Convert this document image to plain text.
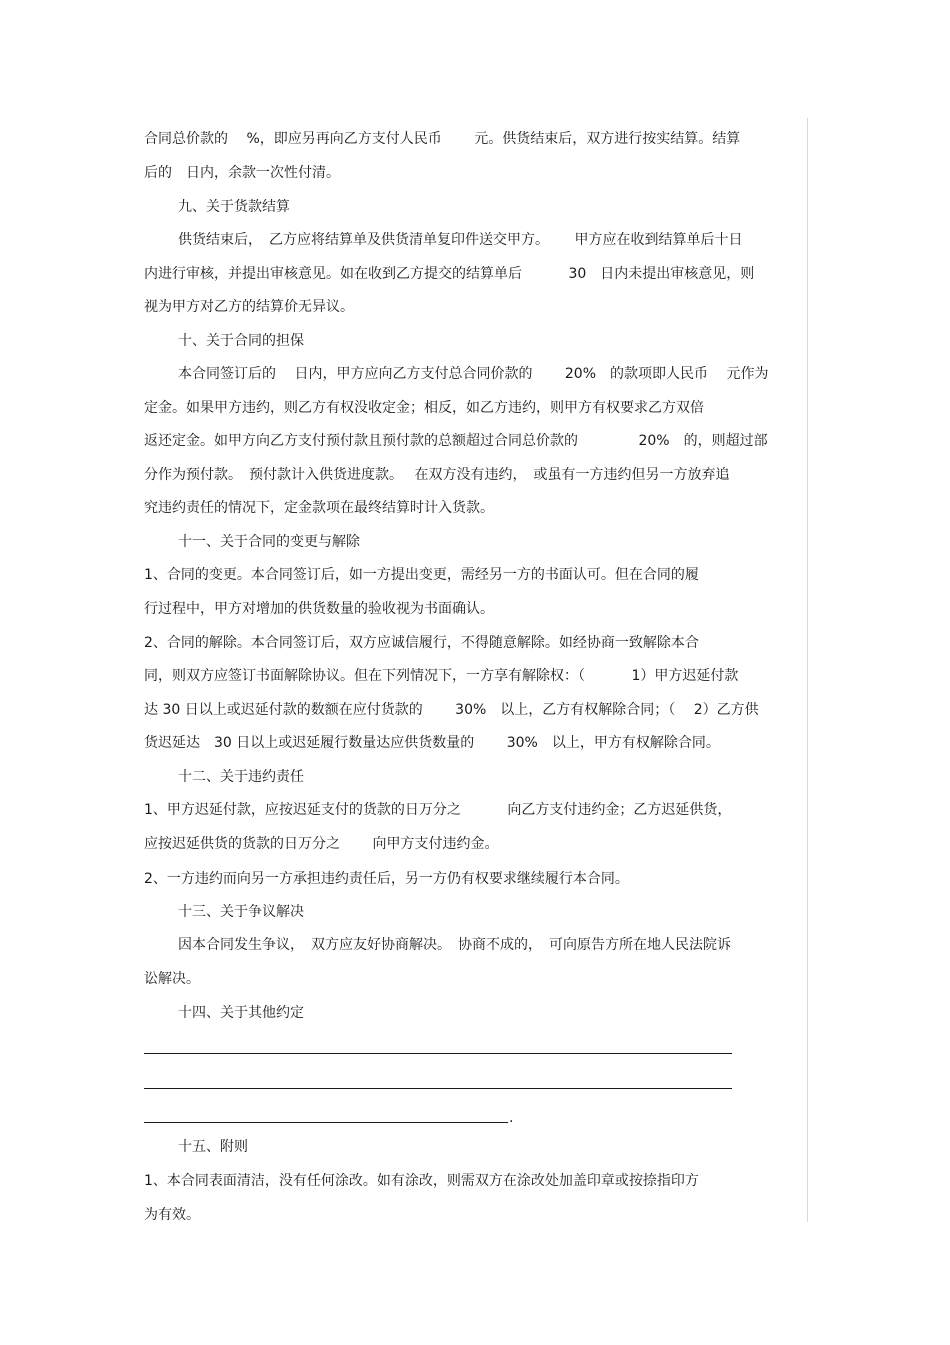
合同总价款的　 %，即应另再向乙方支付人民币　　 元。供货结束后，双方进行按实结算。结算
后的　日内，余款一次性付清。
九、关于货款结算
供货结束后，　乙方应将结算单及供货清单复印件送交甲方。　　 甲方应在收到结算单后十日
内进行审核，并提出审核意见。如在收到乙方提交的结算单后　　　 30　日内未提出审核意见，则
视为甲方对乙方的结算价无异议。
十、关于合同的担保
本合同签订后的　 日内，甲方应向乙方支付总合同价款的　　 20%　的款项即人民币　 元作为
定金。如果甲方违约，则乙方有权没收定金；相反，如乙方违约，则甲方有权要求乙方双倍
返还定金。如甲方向乙方支付预付款且预付款的总额超过合同总价款的　　　　 20%　的，则超过部
分作为预付款。　预付款计入供货进度款。　 在双方没有违约，　或虽有一方违约但另一方放弃追
究违约责任的情况下，定金款项在最终结算时计入货款。
十一、关于合同的变更与解除
1、合同的变更。本合同签订后，如一方提出变更，需经另一方的书面认可。但在合同的履
行过程中，甲方对增加的供货数量的验收视为书面确认。
2、合同的解除。本合同签订后，双方应诚信履行，不得随意解除。如经协商一致解除本合
同，则双方应签订书面解除协议。但在下列情况下，一方享有解除权：（　　　 1）甲方迟延付款
达 30 日以上或迟延付款的数额在应付货款的　　 30%　以上，乙方有权解除合同；（　 2）乙方供
货迟延达　30 日以上或迟延履行数量达应供货数量的　　 30%　以上，甲方有权解除合同。
十二、关于违约责任
1、甲方迟延付款，应按迟延支付的货款的日万分之　　　 向乙方支付违约金；乙方迟延供货，
应按迟延供货的货款的日万分之　　 向甲方支付违约金。
2、一方违约而向另一方承担违约责任后，另一方仍有权要求继续履行本合同。
十三、关于争议解决
因本合同发生争议，　双方应友好协商解决。　协商不成的，　可向原告方所在地人民法院诉
讼解决。
十四、关于其他约定
.
十五、附则
1、本合同表面清洁，没有任何涂改。如有涂改，则需双方在涂改处加盖印章或按捺指印方
为有效。
